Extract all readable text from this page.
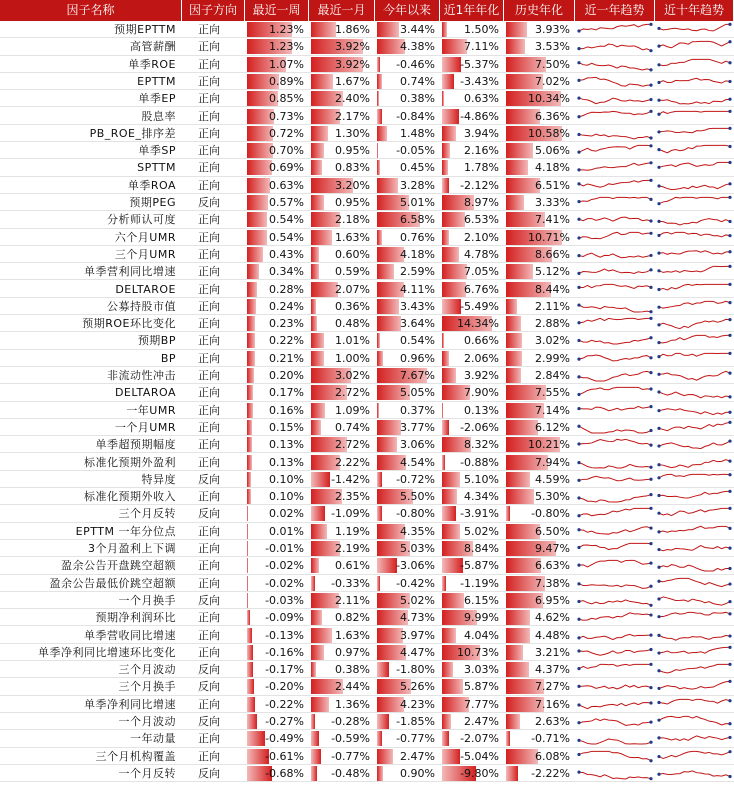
因子名称	因子方向	最近一周	最近一月	今年以来	近1年年化	历史年化	近一年趋势	近十年趋势
预期EPTTM	正向	1.23%	1.86%	3.44%	1.50%	3.93%
高管薪酬	正向	1.23%	3.92%	4.38%	7.11%	3.53%
单季ROE	正向	1.07%	3.92% -0.46% -5.37%	7.50%
EPTTM	正向	0.89%	1.67%	0.74% -3.43%	7.02%
单季EP	正向	0.85%	2.40%	0.38%	0.63%	10.34%
股息率	正向	0.73%	2.17% -0.84% -4.86%	6.36%
PB_ROE_排序差	正向	0.72%	1.30%	1.48%	3.94%	10.58%
单季SP	正向	0.70%	0.95% -0.05%	2.16%	5.06%
SPTTM	正向	0.69%	0.83%	0.45%	1.78%	4.18%
单季ROA	正向	0.63%	3.20%	3.28% -2.12%	6.51%
预期PEG	反向	0.57%	0.95%	5.01%	8.97%	3.33%
分析师认可度	正向	0.54%	2.18%	6.58%	6.53%	7.41%
六个月UMR	正向	0.54%	1.63%	0.76%	2.10%	10.71%
三个月UMR	正向	0.43%	0.60%	4.18%	4.78%	8.66%
单季营利同比增速	正向	0.34%	0.59%	2.59%	7.05%	5.12%
DELTAROE	正向	0.28%	2.07%	4.11%	6.76%	8.44%
公募持股市值	正向	0.24%	0.36%	3.43% -5.49%	2.11%
预期ROE环比变化	正向	0.23%	0.48%	3.64% 14.34%	2.88%
预期BP	正向	0.22%	1.01%	0.54%	0.66%	3.02%
BP	正向	0.21%	1.00%	0.96%	2.06%	2.99%
非流动性冲击	正向	0.20%	3.02%	7.67%	3.92%	2.84%
DELTAROA	正向	0.17%	2.72%	5.05%	7.90%	7.55%
一年UMR	正向	0.16%	1.09%	0.37%	0.13%	7.14%
一个月UMR	正向	0.15%	0.74%	3.77% -2.06%	6.12%
单季超预期幅度	正向	0.13%	2.72%	3.06%	8.32%	10.21%
标准化预期外盈利	正向	0.13%	2.22%	4.54% -0.88%	7.94%
特异度	反向	0.10% -1.42% -0.72%	5.10%	4.59%
标准化预期外收入	正向	0.10%	2.35%	5.50%	4.34%	5.30%
三个月反转	反向	0.02% -1.09% -0.80% -3.91%	-0.80%
EPTTM 一年分位点	正向	0.01%	1.19%	4.35%	5.02%	6.50%
3个月盈利上下调	正向	-0.01%	2.19%	5.03%	8.84%	9.47%
盈余公告开盘跳空超额	正向	-0.02%	0.61% -3.06% -5.87%	6.63%
盈余公告最低价跳空超额	正向	-0.02% -0.33% -0.42% -1.19%	7.38%
一个月换手	反向	-0.03%	2.11%	5.02%	6.15%	6.95%
预期净利润环比	正向	-0.09%	0.82%	4.73%	9.99%	4.62%
单季营收同比增速	正向	-0.13%	1.63%	3.97%	4.04%	4.48%
单季净利同比增速环比变化	正向	-0.16%	0.97%	4.47% 10.73%	3.21%
三个月波动	反向	-0.17%	0.38% -1.80%	3.03%	4.37%
三个月换手	反向	-0.20%	2.44%	5.26%	5.87%	7.27%
单季净利同比增速	正向	-0.22%	1.36%	4.23%	7.77%	7.16%
一个月波动	反向	-0.27% -0.28% -1.85%	2.47%	2.63%
一年动量	正向	-0.49% -0.59% -0.77% -2.07%	-0.71%
三个月机构覆盖	正向	-0.61% -0.77%	2.47% -5.04%	6.08%
一个月反转	反向	-0.68% -0.48%	0.90% -9.80%	-2.22%
